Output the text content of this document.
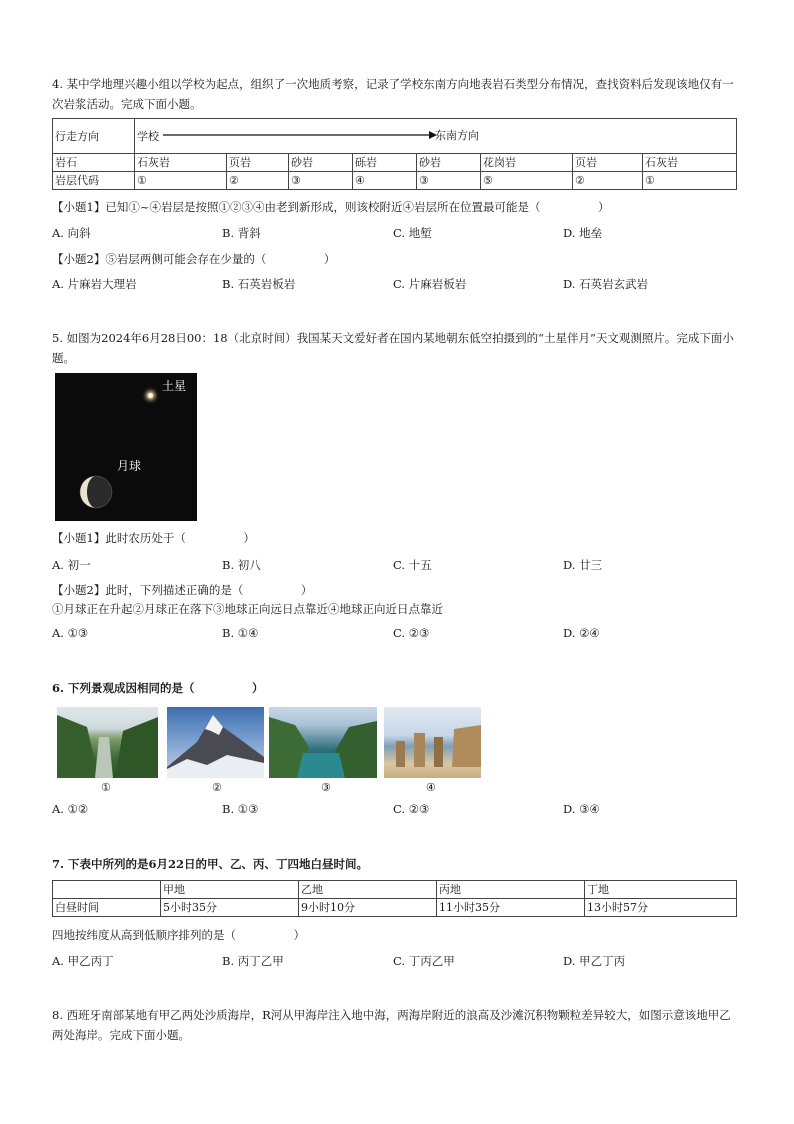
4. 某中学地理兴趣小组以学校为起点，组织了一次地质考察，记录了学校东南方向地表岩石类型分布情况，查找资料后发现该地仅有一次岩浆活动。完成下面小题。
行走方向	学校 东南方向							

岩石	石灰岩	页岩	砂岩	砾岩	砂岩	花岗岩	页岩	石灰岩
岩层代码	①	②	③	④	③	⑤	②	①
【小题1】已知①~④岩层是按照①②③④由老到新形成，则该校附近④岩层所在位置最可能是（　　　　　）
A. 向斜	B. 背斜	C. 地堑	D. 地垒
【小题2】⑤岩层两侧可能会存在少量的（　　　　　）
A. 片麻岩大理岩	B. 石英岩板岩	C. 片麻岩板岩	D. 石英岩玄武岩
5. 如图为2024年6月28日00：18（北京时间）我国某天文爱好者在国内某地朝东低空拍摄到的“土星伴月”天文观测照片。完成下面小题。
土星
月球
【小题1】此时农历处于（　　　　　）
A. 初一	B. 初八	C. 十五	D. 廿三
【小题2】此时，下列描述正确的是（　　　　　）
①月球正在升起②月球正在落下③地球正向远日点靠近④地球正向近日点靠近
A. ①③	B. ①④	C. ②③	D. ②④
6. 下列景观成因相同的是（　　　　　）
①	②	③	④
A. ①②	B. ①③	C. ②③	D. ③④
7. 下表中所列的是6月22日的甲、乙、丙、丁四地白昼时间。
	甲地	乙地	丙地	丁地
白昼时间	5小时35分	9小时10分	11小时35分	13小时57分
四地按纬度从高到低顺序排列的是（　　　　　）
A. 甲乙丙丁	B. 丙丁乙甲	C. 丁丙乙甲	D. 甲乙丁丙
8. 西班牙南部某地有甲乙两处沙质海岸，R河从甲海岸注入地中海，两海岸附近的浪高及沙滩沉积物颗粒差异较大，如图示意该地甲乙两处海岸。完成下面小题。
